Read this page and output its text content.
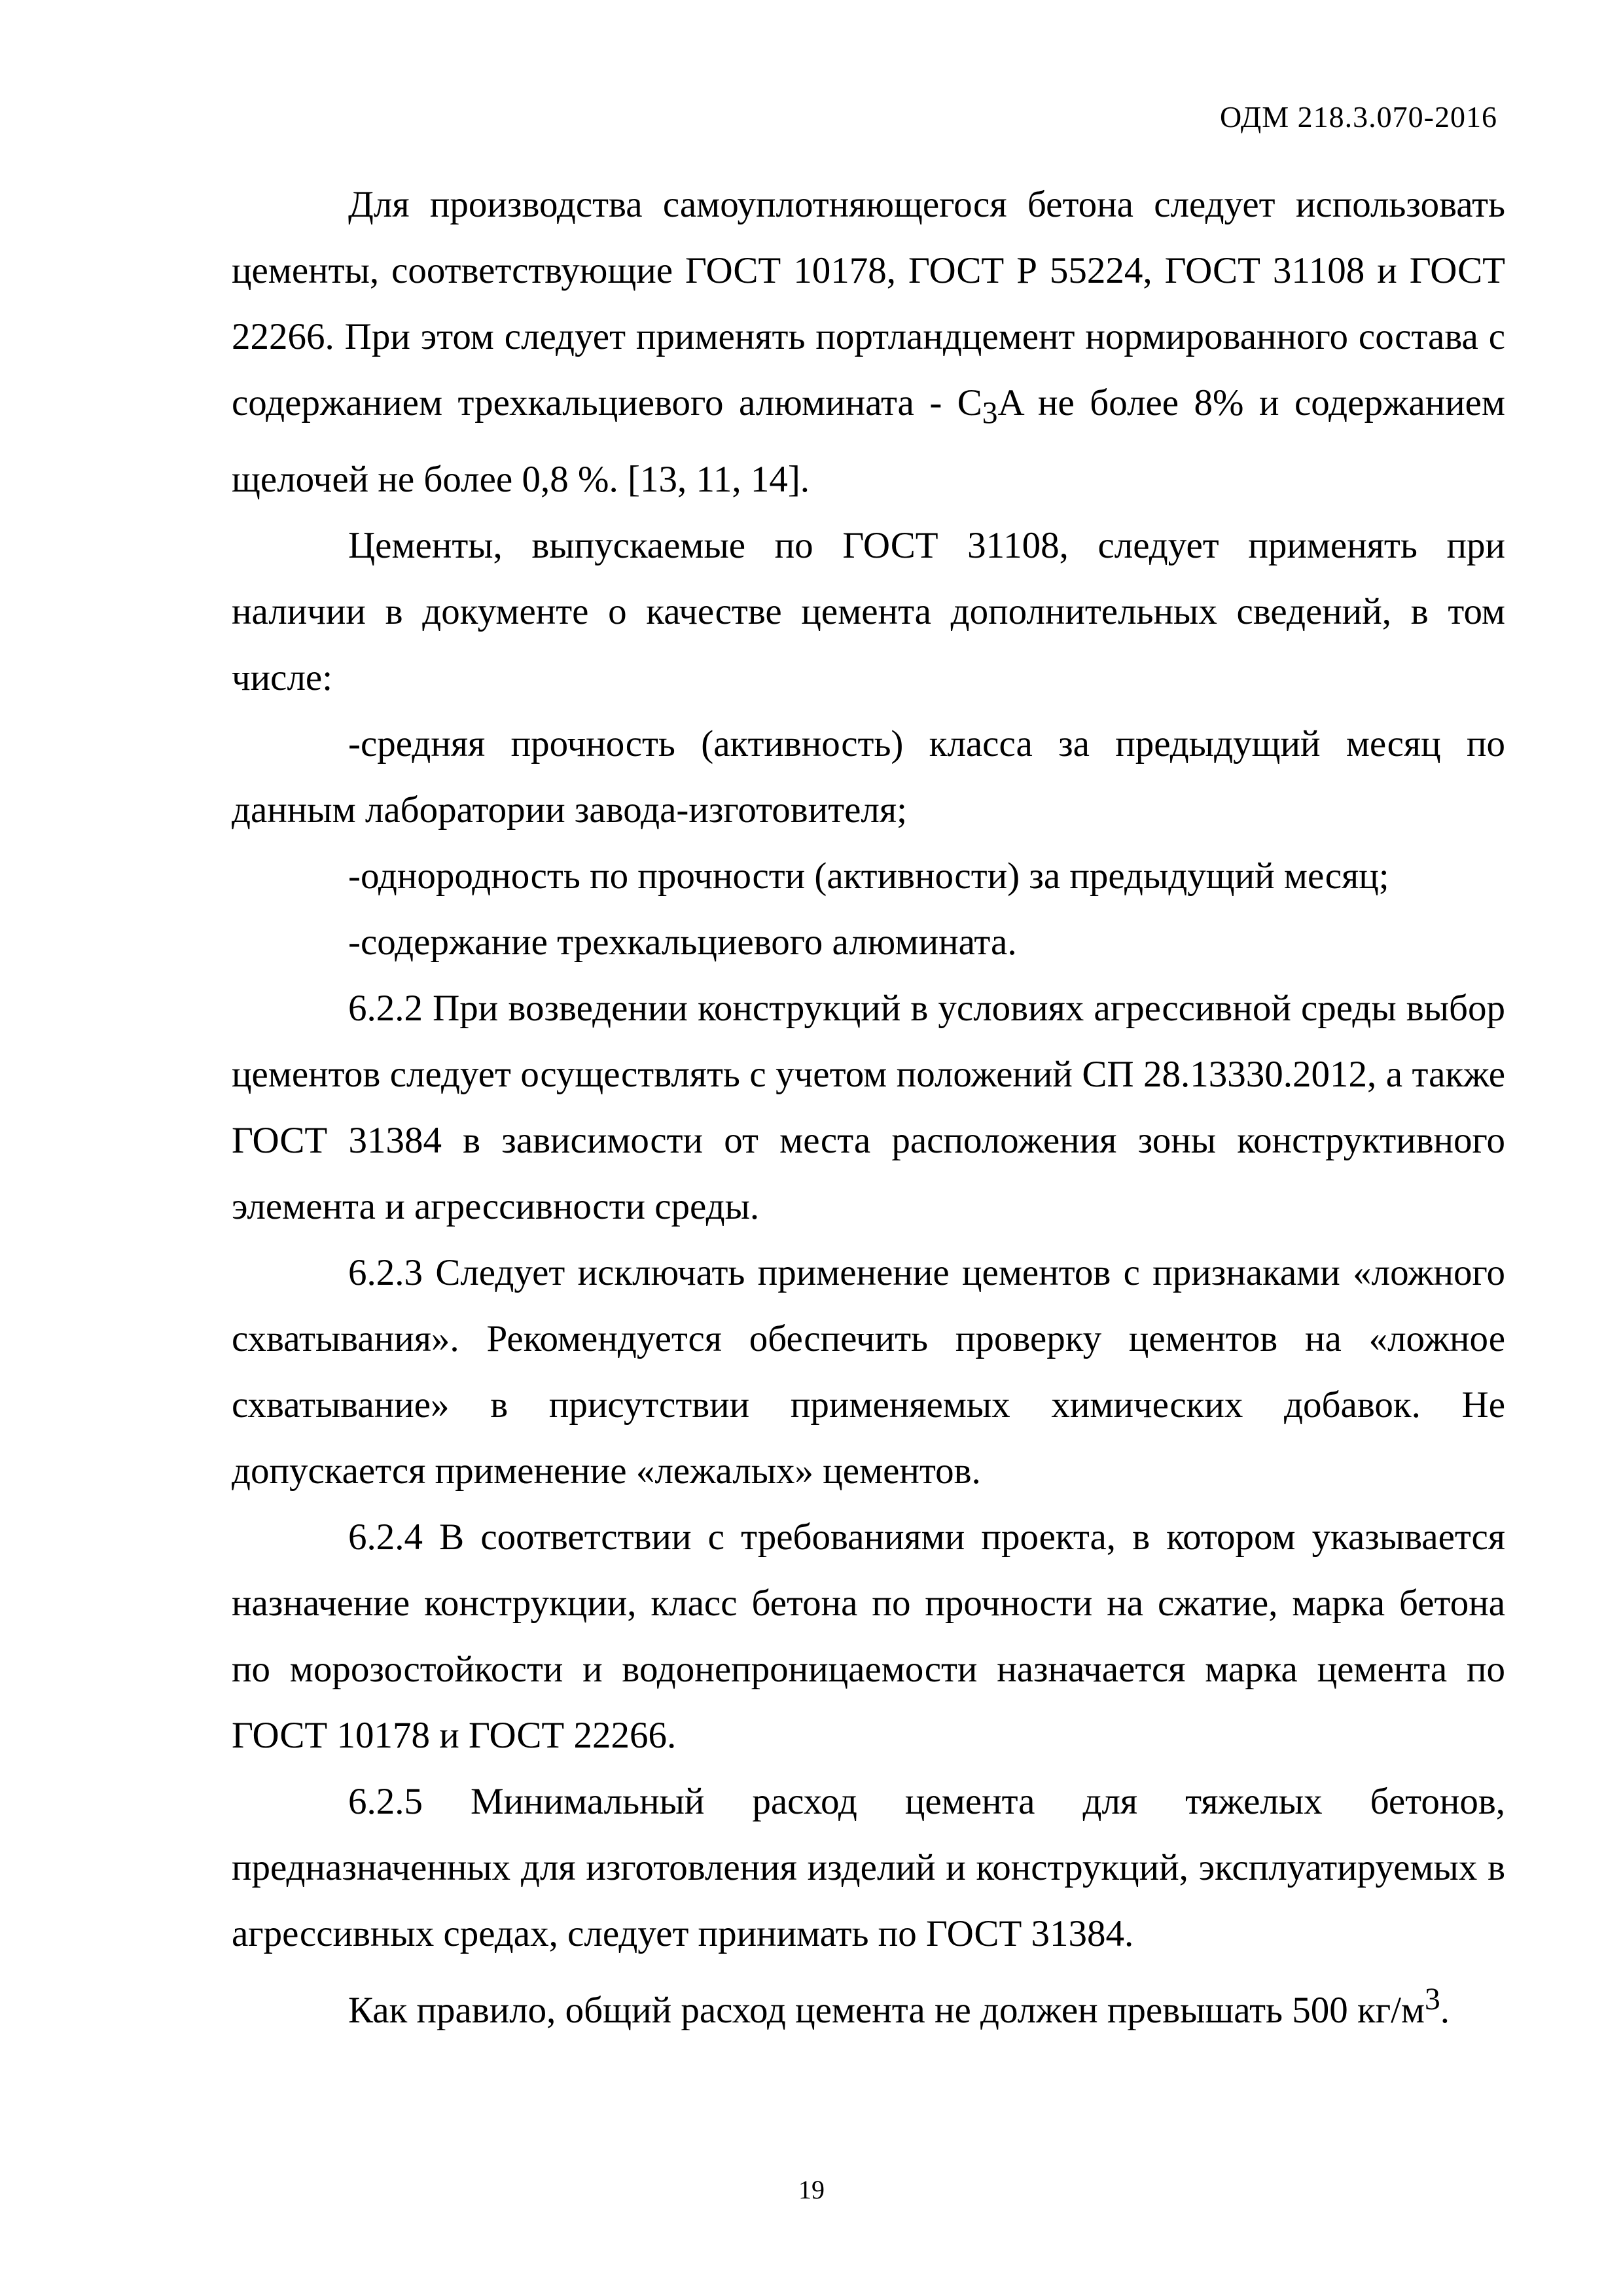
ОДМ 218.3.070-2016

Для производства самоуплотняющегося бетона следует использовать цементы, соответствующие ГОСТ 10178, ГОСТ Р 55224, ГОСТ 31108 и ГОСТ 22266. При этом следует применять портландцемент нормированного состава с содержанием трехкальциевого алюмината - $C_3A$ не более 8% и содержанием щелочей не более 0,8 %. [13, 11, 14].

Цементы, выпускаемые по ГОСТ 31108, следует применять при наличии в документе о качестве цемента дополнительных сведений, в том числе:

-средняя прочность (активность) класса за предыдущий месяц по данным лаборатории завода-изготовителя;

-однородность по прочности (активности) за предыдущий месяц;

-содержание трехкальциевого алюмината.

6.2.2 При возведении конструкций в условиях агрессивной среды выбор цементов следует осуществлять с учетом положений СП 28.13330.2012, а также ГОСТ 31384 в зависимости от места расположения зоны конструктивного элемента и агрессивности среды.

6.2.3 Следует исключать применение цементов с признаками «ложного схватывания». Рекомендуется обеспечить проверку цементов на «ложное схватывание» в присутствии применяемых химических добавок. Не допускается применение «лежалых» цементов.

6.2.4 В соответствии с требованиями проекта, в котором указывается назначение конструкции, класс бетона по прочности на сжатие, марка бетона по морозостойкости и водонепроницаемости назначается марка цемента по ГОСТ 10178 и ГОСТ 22266.

6.2.5 Минимальный расход цемента для тяжелых бетонов, предназначенных для изготовления изделий и конструкций, эксплуатируемых в агрессивных средах, следует принимать по ГОСТ 31384.

Как правило, общий расход цемента не должен превышать 500 $кг/м^3$.

19
